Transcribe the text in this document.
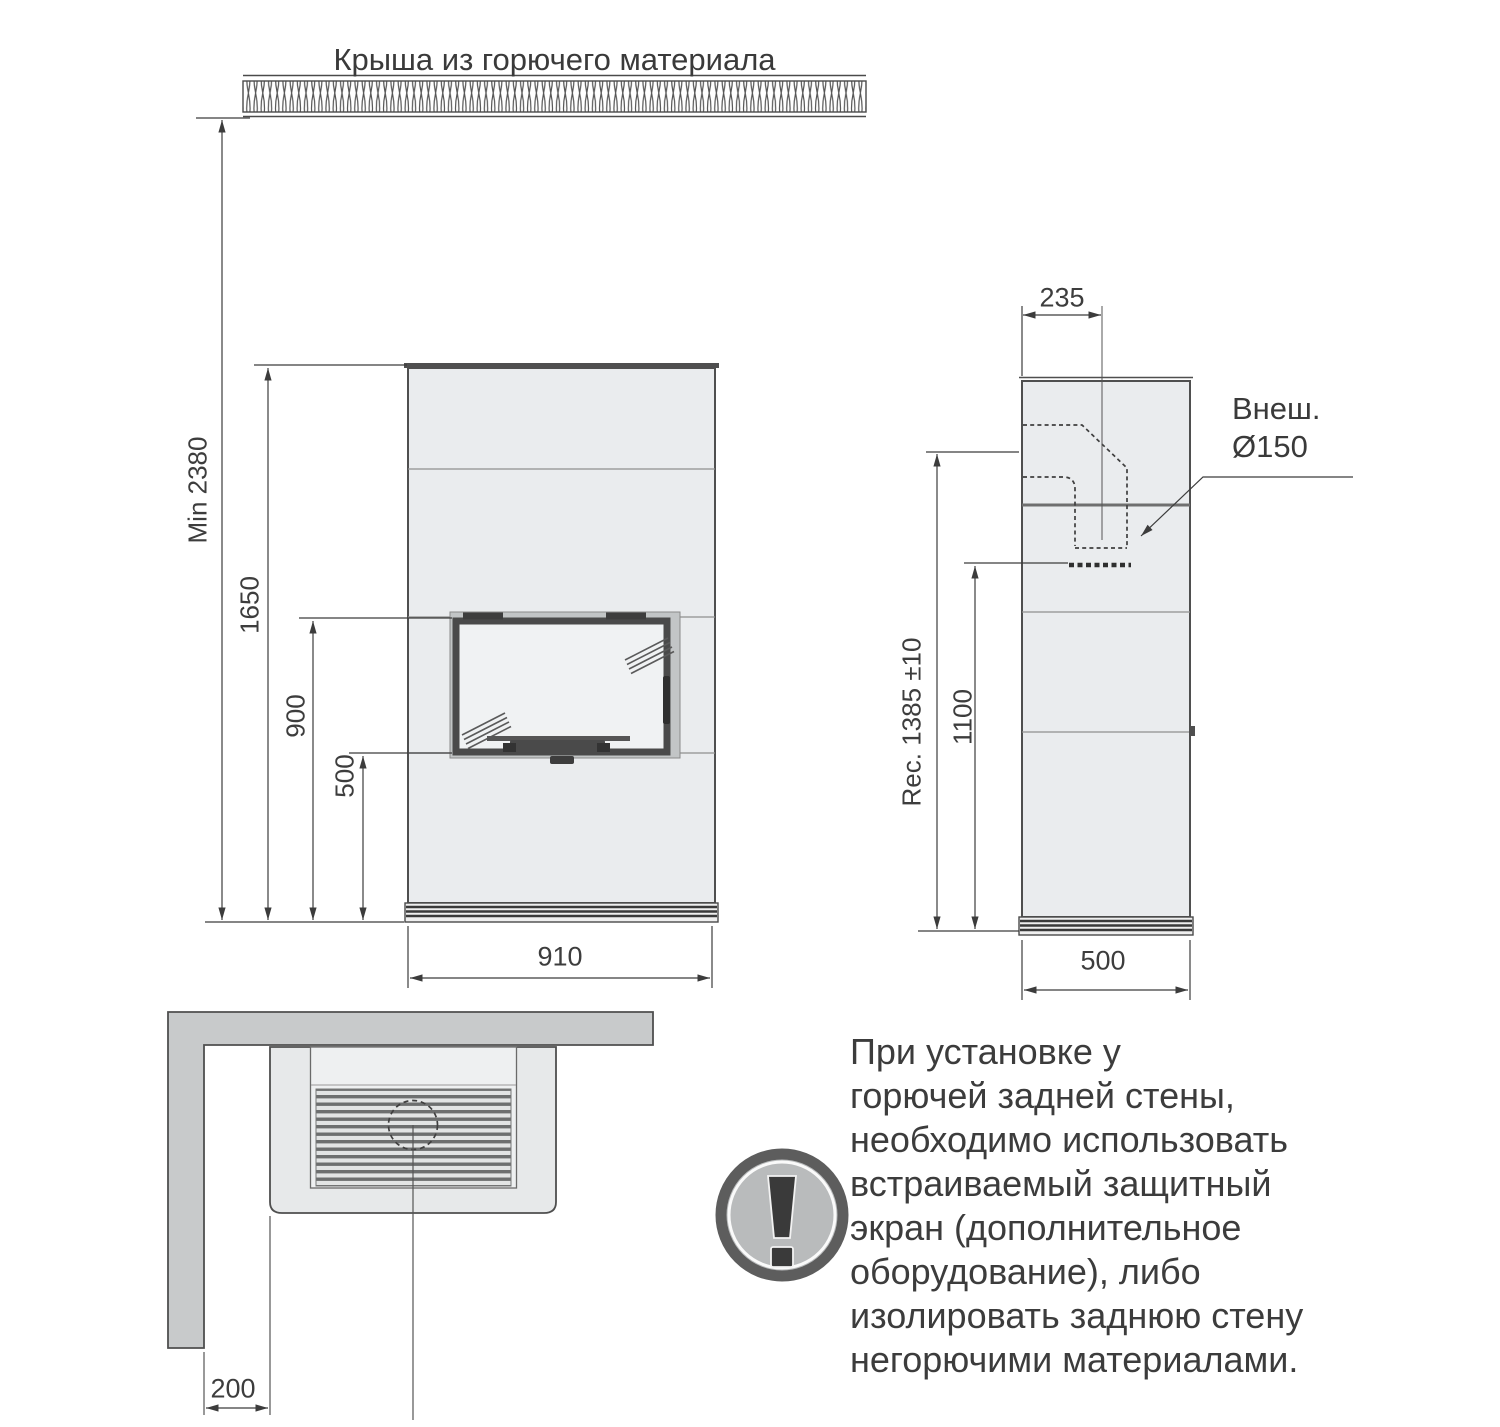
Крыша из горючего материала
Min 2380
1650
900
500
910
235
Rec. 1385 ±10 1100
500
Внеш.
Ø150
200
При установке у
горючей задней стены,
необходимо использовать
встраиваемый защитный
экран (дополнительное
оборудование), либо
изолировать заднюю стену
негорючими материалами.
